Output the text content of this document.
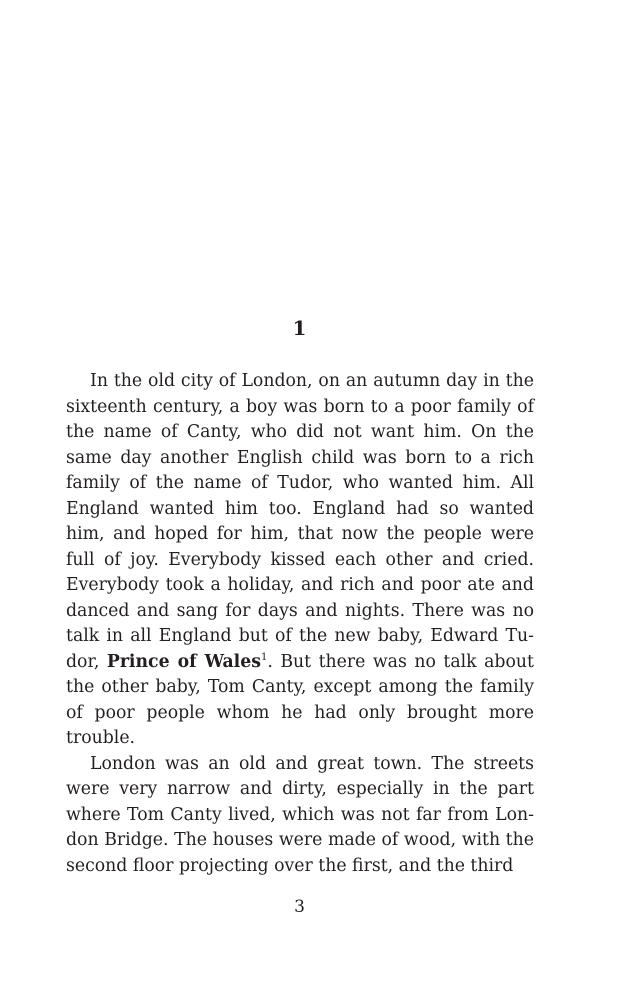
1

In the old city of London, on an autumn day in the sixteenth century, a boy was born to a poor family of the name of Canty, who did not want him. On the same day another English child was born to a rich family of the name of Tudor, who wanted him. All England wanted him too. England had so wanted him, and hoped for him, that now the people were full of joy. Everybody kissed each other and cried. Everybody took a holiday, and rich and poor ate and danced and sang for days and nights. There was no talk in all England but of the new baby, Edward Tudor, Prince of Wales$^1$. But there was no talk about the other baby, Tom Canty, except among the family of poor people whom he had only brought more trouble.

London was an old and great town. The streets were very narrow and dirty, especially in the part where Tom Canty lived, which was not far from London Bridge. The houses were made of wood, with the second floor projecting over the first, and the third

3
